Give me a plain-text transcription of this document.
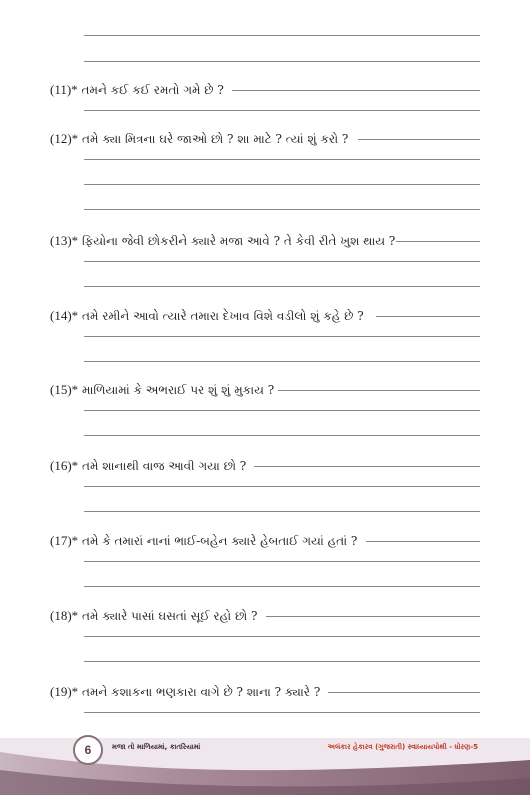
(11)* તમને કઈ કઈ રમતો ગમે છે ?
(12)* તમે ક્યા મિત્રના ઘરે જાઓ છો ? શા માટે ? ત્યાં શું કરો ?
(13)* ફિયોના જેવી છોકરીને ક્યારે મજા આવે ? તે કેવી રીતે ખુશ થાય ?
(14)* તમે રમીને આવો ત્યારે તમારા દેખાવ વિશે વડીલો શું કહે છે ?
(15)* માળિયામાં કે અભરાઈ પર શું શું મુકાય ?
(16)* તમે શાનાથી વાજ આવી ગયા છો ?
(17)* તમે કે તમારાં નાનાં ભાઈ-બહેન ક્યારે હેબતાઈ ગયાં હતાં ?
(18)* તમે ક્યારે પાસાં ઘસતાં સૂઈ રહો છો ?
(19)* તમને કશાકના ભણકારા વાગે છે ? શાના ? ક્યારે ?
6	મજા તો માળિયામાં, કાતરિયામાં	અલંકાર હેકારવ (ગુજરાતી) સ્વાધ્યાયપોથી - ધોરણ-5
